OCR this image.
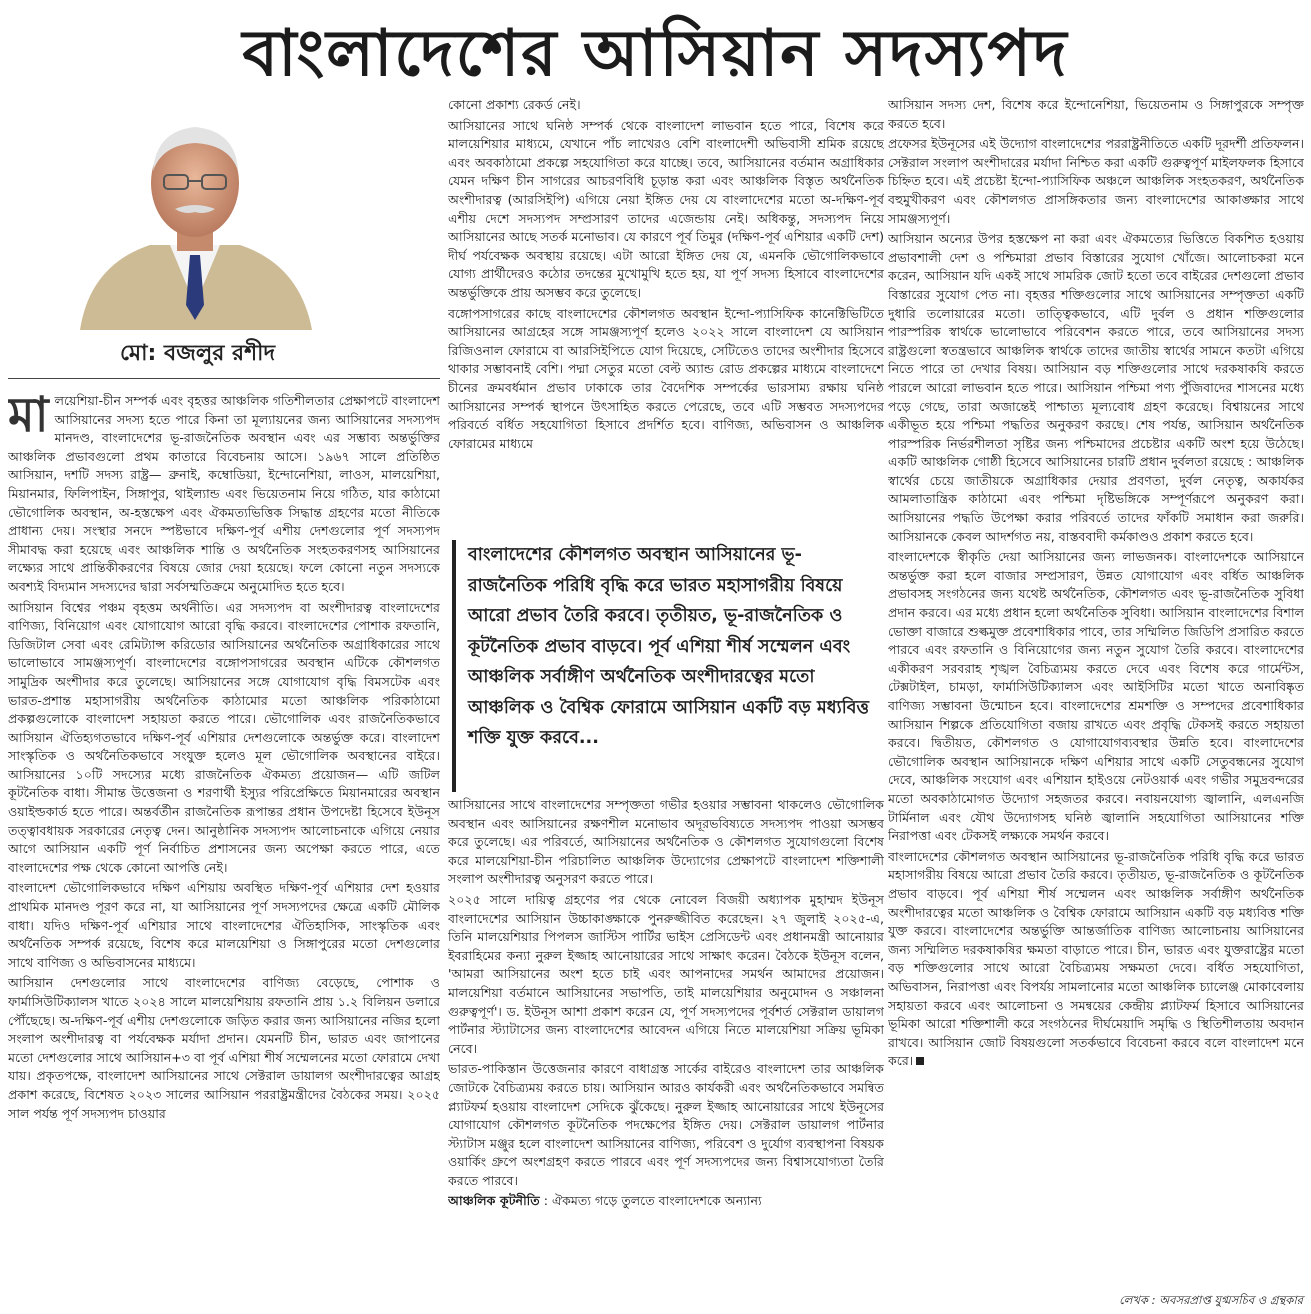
বাংলাদেশের আসিয়ান সদস্যপদ
মো: বজলুর রশীদ

মালয়েশিয়া-চীন সম্পর্ক এবং বৃহত্তর আঞ্চলিক গতিশীলতার প্রেক্ষাপটে বাংলাদেশ আসিয়ানের সদস্য হতে পারে কিনা তা মূল্যায়নের জন্য আসিয়ানের সদস্যপদ মানদণ্ড, বাংলাদেশের ভূ-রাজনৈতিক অবস্থান এবং এর সম্ভাব্য অন্তর্ভুক্তির আঞ্চলিক প্রভাবগুলো প্রথম কাতারে বিবেচনায় আসে। ১৯৬৭ সালে প্রতিষ্ঠিত আসিয়ান, দশটি সদস্য রাষ্ট্র— ব্রুনাই, কম্বোডিয়া, ইন্দোনেশিয়া, লাওস, মালয়েশিয়া, মিয়ানমার, ফিলিপাইন, সিঙ্গাপুর, থাইল্যান্ড এবং ভিয়েতনাম নিয়ে গঠিত, যার কাঠামো ভৌগোলিক অবস্থান, অ-হস্তক্ষেপ এবং ঐকমত্যভিত্তিক সিদ্ধান্ত গ্রহণের মতো নীতিকে প্রাধান্য দেয়। সংস্থার সনদে স্পষ্টভাবে দক্ষিণ-পূর্ব এশীয় দেশগুলোর পূর্ণ সদস্যপদ সীমাবদ্ধ করা হয়েছে এবং আঞ্চলিক শান্তি ও অর্থনৈতিক সংহতকরণসহ আসিয়ানের লক্ষ্যের সাথে প্রান্তিকীকরণের বিষয়ে জোর দেয়া হয়েছে। ফলে কোনো নতুন সদস্যকে অবশ্যই বিদ্যমান সদস্যদের দ্বারা সর্বসম্মতিক্রমে অনুমোদিত হতে হবে।

আসিয়ান বিশ্বের পঞ্চম বৃহত্তম অর্থনীতি। এর সদস্যপদ বা অংশীদারত্ব বাংলাদেশের বাণিজ্য, বিনিয়োগ এবং যোগাযোগ আরো বৃদ্ধি করবে। বাংলাদেশের পোশাক রফতানি, ডিজিটাল সেবা এবং রেমিট্যান্স করিডোর আসিয়ানের অর্থনৈতিক অগ্রাধিকারের সাথে ভালোভাবে সামঞ্জস্যপূর্ণ। বাংলাদেশের বঙ্গোপসাগরের অবস্থান এটিকে কৌশলগত সামুদ্রিক অংশীদার করে তুলেছে। আসিয়ানের সঙ্গে যোগাযোগ বৃদ্ধি বিমসটেক এবং ভারত-প্রশান্ত মহাসাগরীয় অর্থনৈতিক কাঠামোর মতো আঞ্চলিক পরিকাঠামো প্রকল্পগুলোকে বাংলাদেশ সহায়তা করতে পারে। ভৌগোলিক এবং রাজনৈতিকভাবে আসিয়ান ঐতিহ্যগতভাবে দক্ষিণ-পূর্ব এশিয়ার দেশগুলোকে অন্তর্ভুক্ত করে। বাংলাদেশ সাংস্কৃতিক ও অর্থনৈতিকভাবে সংযুক্ত হলেও মূল ভৌগোলিক অবস্থানের বাইরে। আসিয়ানের ১০টি সদস্যের মধ্যে রাজনৈতিক ঐকমত্য প্রয়োজন— এটি জটিল কূটনৈতিক বাধা। সীমান্ত উত্তেজনা ও শরণার্থী ইস্যুর পরিপ্রেক্ষিতে মিয়ানমারের অবস্থান ওয়াইল্ডকার্ড হতে পারে। অন্তর্বর্তীন রাজনৈতিক রূপান্তর প্রধান উপদেষ্টা হিসেবে ইউনূস তত্ত্বাবধায়ক সরকারের নেতৃত্ব দেন। আনুষ্ঠানিক সদস্যপদ আলোচনাকে এগিয়ে নেয়ার আগে আসিয়ান একটি পূর্ণ নির্বাচিত প্রশাসনের জন্য অপেক্ষা করতে পারে, এতে বাংলাদেশের পক্ষ থেকে কোনো আপত্তি নেই।

বাংলাদেশ ভৌগোলিকভাবে দক্ষিণ এশিয়ায় অবস্থিত দক্ষিণ-পূর্ব এশিয়ার দেশ হওয়ার প্রাথমিক মানদণ্ড পূরণ করে না, যা আসিয়ানের পূর্ণ সদস্যপদের ক্ষেত্রে একটি মৌলিক বাধা। যদিও দক্ষিণ-পূর্ব এশিয়ার সাথে বাংলাদেশের ঐতিহাসিক, সাংস্কৃতিক এবং অর্থনৈতিক সম্পর্ক রয়েছে, বিশেষ করে মালয়েশিয়া ও সিঙ্গাপুরের মতো দেশগুলোর সাথে বাণিজ্য ও অভিবাসনের মাধ্যমে।

আসিয়ান দেশগুলোর সাথে বাংলাদেশের বাণিজ্য বেড়েছে, পোশাক ও ফার্মাসিউটিক্যালস খাতে ২০২৪ সালে মালয়েশিয়ায় রফতানি প্রায় ১.২ বিলিয়ন ডলারে পৌঁছেছে। অ-দক্ষিণ-পূর্ব এশীয় দেশগুলোকে জড়িত করার জন্য আসিয়ানের নজির হলো সংলাপ অংশীদারত্ব বা পর্যবেক্ষক মর্যাদা প্রদান। যেমনটি চীন, ভারত এবং জাপানের মতো দেশগুলোর সাথে আসিয়ান+৩ বা পূর্ব এশিয়া শীর্ষ সম্মেলনের মতো ফোরামে দেখা যায়। প্রকৃতপক্ষে, বাংলাদেশ আসিয়ানের সাথে সেক্টরাল ডায়ালগ অংশীদারত্বের আগ্রহ প্রকাশ করেছে, বিশেষত ২০২৩ সালের আসিয়ান পররাষ্ট্রমন্ত্রীদের বৈঠকের সময়। ২০২৫ সাল পর্যন্ত পূর্ণ সদস্যপদ চাওয়ার

কোনো প্রকাশ্য রেকর্ড নেই।

আসিয়ানের সাথে ঘনিষ্ঠ সম্পর্ক থেকে বাংলাদেশ লাভবান হতে পারে, বিশেষ করে মালয়েশিয়ার মাধ্যমে, যেখানে পাঁচ লাখেরও বেশি বাংলাদেশী অভিবাসী শ্রমিক রয়েছে এবং অবকাঠামো প্রকল্পে সহযোগিতা করে যাচ্ছে। তবে, আসিয়ানের বর্তমান অগ্রাধিকার যেমন দক্ষিণ চীন সাগরের আচরণবিধি চূড়ান্ত করা এবং আঞ্চলিক বিস্তৃত অর্থনৈতিক অংশীদারত্ব (আরসিইপি) এগিয়ে নেয়া ইঙ্গিত দেয় যে বাংলাদেশের মতো অ-দক্ষিণ-পূর্ব এশীয় দেশে সদস্যপদ সম্প্রসারণ তাদের এজেন্ডায় নেই। অধিকন্তু, সদস্যপদ নিয়ে আসিয়ানের আছে সতর্ক মনোভাব। যে কারণে পূর্ব তিমুর (দক্ষিণ-পূর্ব এশিয়ার একটি দেশ) দীর্ঘ পর্যবেক্ষক অবস্থায় রয়েছে। এটা আরো ইঙ্গিত দেয় যে, এমনকি ভৌগোলিকভাবে যোগ্য প্রার্থীদেরও কঠোর তদন্তের মুখোমুখি হতে হয়, যা পূর্ণ সদস্য হিসাবে বাংলাদেশের অন্তর্ভুক্তিকে প্রায় অসম্ভব করে তুলেছে।

বঙ্গোপসাগরের কাছে বাংলাদেশের কৌশলগত অবস্থান ইন্দো-প্যাসিফিক কানেক্টিভিটিতে আসিয়ানের আগ্রহের সঙ্গে সামঞ্জস্যপূর্ণ হলেও ২০২২ সালে বাংলাদেশ যে আসিয়ান রিজিওনাল ফোরামে বা আরসিইপিতে যোগ দিয়েছে, সেটিতেও তাদের অংশীদার হিসেবে থাকার সম্ভাবনাই বেশি। পদ্মা সেতুর মতো বেল্ট অ্যান্ড রোড প্রকল্পের মাধ্যমে বাংলাদেশে চীনের ক্রমবর্ধমান প্রভাব ঢাকাকে তার বৈদেশিক সম্পর্কের ভারসাম্য রক্ষায় ঘনিষ্ঠ আসিয়ানের সম্পর্ক স্থাপনে উৎসাহিত করতে পেরেছে, তবে এটি সম্ভবত সদস্যপদের পরিবর্তে বর্ধিত সহযোগিতা হিসাবে প্রদর্শিত হবে। বাণিজ্য, অভিবাসন ও আঞ্চলিক ফোরামের মাধ্যমে

বাংলাদেশের কৌশলগত অবস্থান আসিয়ানের ভূ-রাজনৈতিক পরিধি বৃদ্ধি করে ভারত মহাসাগরীয় বিষয়ে আরো প্রভাব তৈরি করবে। তৃতীয়ত, ভূ-রাজনৈতিক ও কূটনৈতিক প্রভাব বাড়বে। পূর্ব এশিয়া শীর্ষ সম্মেলন এবং আঞ্চলিক সর্বাঙ্গীণ অর্থনৈতিক অংশীদারত্বের মতো আঞ্চলিক ও বৈশ্বিক ফোরামে আসিয়ান একটি বড় মধ্যবিত্ত শক্তি যুক্ত করবে...

আসিয়ানের সাথে বাংলাদেশের সম্পৃক্ততা গভীর হওয়ার সম্ভাবনা থাকলেও ভৌগোলিক অবস্থান এবং আসিয়ানের রক্ষণশীল মনোভাব অদূরভবিষ্যতে সদস্যপদ পাওয়া অসম্ভব করে তুলেছে। এর পরিবর্তে, আসিয়ানের অর্থনৈতিক ও কৌশলগত সুযোগগুলো বিশেষ করে মালয়েশিয়া-চীন পরিচালিত আঞ্চলিক উদ্যোগের প্রেক্ষাপটে বাংলাদেশ শক্তিশালী সংলাপ অংশীদারত্ব অনুসরণ করতে পারে।

২০২৫ সালে দায়িত্ব গ্রহণের পর থেকে নোবেল বিজয়ী অধ্যাপক মুহাম্মদ ইউনূস বাংলাদেশের আসিয়ান উচ্চাকাঙ্ক্ষাকে পুনরুজ্জীবিত করেছেন। ২৭ জুলাই ২০২৫-এ, তিনি মালয়েশিয়ার পিপলস জাস্টিস পার্টির ভাইস প্রেসিডেন্ট এবং প্রধানমন্ত্রী আনোয়ার ইবরাহিমের কন্যা নুরুল ইজ্জাহ আনোয়ারের সাথে সাক্ষাৎ করেন। বৈঠকে ইউনূস বলেন, 'আমরা আসিয়ানের অংশ হতে চাই এবং আপনাদের সমর্থন আমাদের প্রয়োজন। মালয়েশিয়া বর্তমানে আসিয়ানের সভাপতি, তাই মালয়েশিয়ার অনুমোদন ও সঞ্চালনা গুরুত্বপূর্ণ'। ড. ইউনূস আশা প্রকাশ করেন যে, পূর্ণ সদস্যপদের পূর্বশর্ত সেক্টরাল ডায়ালগ পার্টনার স্ট্যাটাসের জন্য বাংলাদেশের আবেদন এগিয়ে নিতে মালয়েশিয়া সক্রিয় ভূমিকা নেবে।

ভারত-পাকিস্তান উত্তেজনার কারণে বাধাগ্রস্ত সার্কের বাইরেও বাংলাদেশ তার আঞ্চলিক জোটকে বৈচিত্র্যময় করতে চায়। আসিয়ান আরও কার্যকরী এবং অর্থনৈতিকভাবে সমন্বিত প্ল্যাটফর্ম হওয়ায় বাংলাদেশ সেদিকে ঝুঁকেছে। নুরুল ইজ্জাহ আনোয়ারের সাথে ইউনূসের যোগাযোগ কৌশলগত কূটনৈতিক পদক্ষেপের ইঙ্গিত দেয়। সেক্টরাল ডায়ালগ পার্টনার স্ট্যাটাস মঞ্জুর হলে বাংলাদেশ আসিয়ানের বাণিজ্য, পরিবেশ ও দুর্যোগ ব্যবস্থাপনা বিষয়ক ওয়ার্কিং গ্রুপে অংশগ্রহণ করতে পারবে এবং পূর্ণ সদস্যপদের জন্য বিশ্বাসযোগ্যতা তৈরি করতে পারবে।

আঞ্চলিক কূটনীতি : ঐকমত্য গড়ে তুলতে বাংলাদেশকে অন্যান্য

আসিয়ান সদস্য দেশ, বিশেষ করে ইন্দোনেশিয়া, ভিয়েতনাম ও সিঙ্গাপুরকে সম্পৃক্ত করতে হবে।

প্রফেসর ইউনূসের এই উদ্যোগ বাংলাদেশের পররাষ্ট্রনীতিতে একটি দূরদর্শী প্রতিফলন। সেক্টরাল সংলাপ অংশীদারের মর্যাদা নিশ্চিত করা একটি গুরুত্বপূর্ণ মাইলফলক হিসাবে চিহ্নিত হবে। এই প্রচেষ্টা ইন্দো-প্যাসিফিক অঞ্চলে আঞ্চলিক সংহতকরণ, অর্থনৈতিক বহুমুখীকরণ এবং কৌশলগত প্রাসঙ্গিকতার জন্য বাংলাদেশের আকাঙ্ক্ষার সাথে সামঞ্জস্যপূর্ণ।

আসিয়ান অন্যের উপর হস্তক্ষেপ না করা এবং ঐকমত্যের ভিত্তিতে বিকশিত হওয়ায় প্রভাবশালী দেশ ও পশ্চিমারা প্রভাব বিস্তারের সুযোগ খোঁজে। আলোচকরা মনে করেন, আসিয়ান যদি একই সাথে সামরিক জোট হতো তবে বাইরের দেশগুলো প্রভাব বিস্তারের সুযোগ পেত না। বৃহত্তর শক্তিগুলোর সাথে আসিয়ানের সম্পৃক্ততা একটি দুধারি তলোয়ারের মতো। তাত্ত্বিকভাবে, এটি দুর্বল ও প্রধান শক্তিগুলোর পারস্পরিক স্বার্থকে ভালোভাবে পরিবেশন করতে পারে, তবে আসিয়ানের সদস্য রাষ্ট্রগুলো স্বতন্ত্রভাবে আঞ্চলিক স্বার্থকে তাদের জাতীয় স্বার্থের সামনে কতটা এগিয়ে নিতে পারে তা দেখার বিষয়। আসিয়ান বড় শক্তিগুলোর সাথে দরকষাকষি করতে পারলে আরো লাভবান হতে পারে। আসিয়ান পশ্চিমা পণ্য পুঁজিবাদের শাসনের মধ্যে পড়ে গেছে, তারা অজান্তেই পাশ্চাত্য মূল্যবোধ গ্রহণ করেছে। বিশ্বায়নের সাথে একীভূত হয়ে পশ্চিমা পদ্ধতির অনুকরণ করছে। শেষ পর্যন্ত, আসিয়ান অর্থনৈতিক পারস্পরিক নির্ভরশীলতা সৃষ্টির জন্য পশ্চিমাদের প্রচেষ্টার একটি অংশ হয়ে উঠেছে। একটি আঞ্চলিক গোষ্ঠী হিসেবে আসিয়ানের চারটি প্রধান দুর্বলতা রয়েছে : আঞ্চলিক স্বার্থের চেয়ে জাতীয়কে অগ্রাধিকার দেয়ার প্রবণতা, দুর্বল নেতৃত্ব, অকার্যকর আমলাতান্ত্রিক কাঠামো এবং পশ্চিমা দৃষ্টিভঙ্গিকে সম্পূর্ণরূপে অনুকরণ করা। আসিয়ানের পদ্ধতি উপেক্ষা করার পরিবর্তে তাদের ফাঁকটি সমাধান করা জরুরি। আসিয়ানকে কেবল আদর্শগত নয়, বাস্তববাদী কর্মকাণ্ডও প্রকাশ করতে হবে।

বাংলাদেশকে স্বীকৃতি দেয়া আসিয়ানের জন্য লাভজনক। বাংলাদেশকে আসিয়ানে অন্তর্ভুক্ত করা হলে বাজার সম্প্রসারণ, উন্নত যোগাযোগ এবং বর্ধিত আঞ্চলিক প্রভাবসহ সংগঠনের জন্য যথেষ্ট অর্থনৈতিক, কৌশলগত এবং ভূ-রাজনৈতিক সুবিধা প্রদান করবে। এর মধ্যে প্রধান হলো অর্থনৈতিক সুবিধা। আসিয়ান বাংলাদেশের বিশাল ভোক্তা বাজারে শুল্কমুক্ত প্রবেশাধিকার পাবে, তার সম্মিলিত জিডিপি প্রসারিত করতে পারবে এবং রফতানি ও বিনিয়োগের জন্য নতুন সুযোগ তৈরি করবে। বাংলাদেশের একীকরণ সরবরাহ শৃঙ্খল বৈচিত্র্যময় করতে দেবে এবং বিশেষ করে গার্মেন্টস, টেক্সটাইল, চামড়া, ফার্মাসিউটিক্যালস এবং আইসিটির মতো খাতে অনাবিষ্কৃত বাণিজ্য সম্ভাবনা উন্মোচন হবে। বাংলাদেশের শ্রমশক্তি ও সম্পদের প্রবেশাধিকার আসিয়ান শিল্পকে প্রতিযোগিতা বজায় রাখতে এবং প্রবৃদ্ধি টেকসই করতে সহায়তা করবে। দ্বিতীয়ত, কৌশলগত ও যোগাযোগব্যবস্থার উন্নতি হবে। বাংলাদেশের ভৌগোলিক অবস্থান আসিয়ানকে দক্ষিণ এশিয়ার সাথে একটি সেতুবন্ধনের সুযোগ দেবে, আঞ্চলিক সংযোগ এবং এশিয়ান হাইওয়ে নেটওয়ার্ক এবং গভীর সমুদ্রবন্দরের মতো অবকাঠামোগত উদ্যোগ সহজতর করবে। নবায়নযোগ্য জ্বালানি, এলএনজি টার্মিনাল এবং যৌথ উদ্যোগসহ ঘনিষ্ঠ জ্বালানি সহযোগিতা আসিয়ানের শক্তি নিরাপত্তা এবং টেকসই লক্ষ্যকে সমর্থন করবে।

বাংলাদেশের কৌশলগত অবস্থান আসিয়ানের ভূ-রাজনৈতিক পরিধি বৃদ্ধি করে ভারত মহাসাগরীয় বিষয়ে আরো প্রভাব তৈরি করবে। তৃতীয়ত, ভূ-রাজনৈতিক ও কূটনৈতিক প্রভাব বাড়বে। পূর্ব এশিয়া শীর্ষ সম্মেলন এবং আঞ্চলিক সর্বাঙ্গীণ অর্থনৈতিক অংশীদারত্বের মতো আঞ্চলিক ও বৈশ্বিক ফোরামে আসিয়ান একটি বড় মধ্যবিত্ত শক্তি যুক্ত করবে। বাংলাদেশের অন্তর্ভুক্তি আন্তর্জাতিক বাণিজ্য আলোচনায় আসিয়ানের জন্য সম্মিলিত দরকষাকষির ক্ষমতা বাড়াতে পারে। চীন, ভারত এবং যুক্তরাষ্ট্রের মতো বড় শক্তিগুলোর সাথে আরো বৈচিত্র্যময় সক্ষমতা দেবে। বর্ধিত সহযোগিতা, অভিবাসন, নিরাপত্তা এবং বিপর্যয় সামলানোর মতো আঞ্চলিক চ্যালেঞ্জ মোকাবেলায় সহায়তা করবে এবং আলোচনা ও সমন্বয়ের কেন্দ্রীয় প্ল্যাটফর্ম হিসাবে আসিয়ানের ভূমিকা আরো শক্তিশালী করে সংগঠনের দীর্ঘমেয়াদি সমৃদ্ধি ও স্থিতিশীলতায় অবদান রাখবে। আসিয়ান জোট বিষয়গুলো সতর্কভাবে বিবেচনা করবে বলে বাংলাদেশ মনে করে।

লেখক : অবসরপ্রাপ্ত যুগ্মসচিব ও গ্রন্থকার
